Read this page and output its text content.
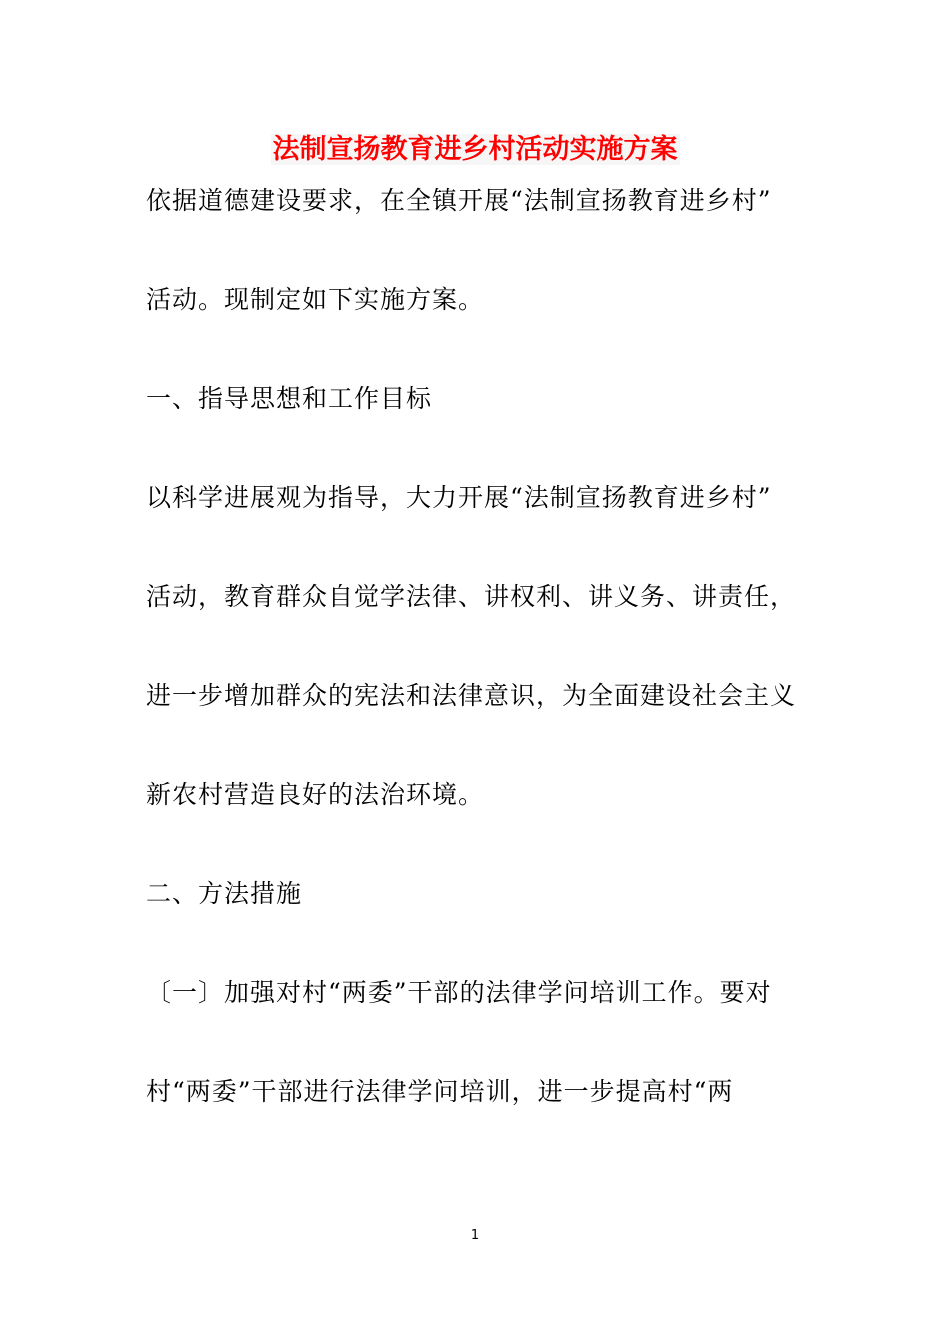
法制宣扬教育进乡村活动实施方案
依据道德建设要求，在全镇开展“法制宣扬教育进乡村”
活动。现制定如下实施方案。
一、指导思想和工作目标
以科学进展观为指导，大力开展“法制宣扬教育进乡村”
活动，教育群众自觉学法律、讲权利、讲义务、讲责任，
进一步增加群众的宪法和法律意识，为全面建设社会主义
新农村营造良好的法治环境。
二、方法措施
〔一〕加强对村“两委”干部的法律学问培训工作。要对
村“两委”干部进行法律学问培训，进一步提高村“两
1
